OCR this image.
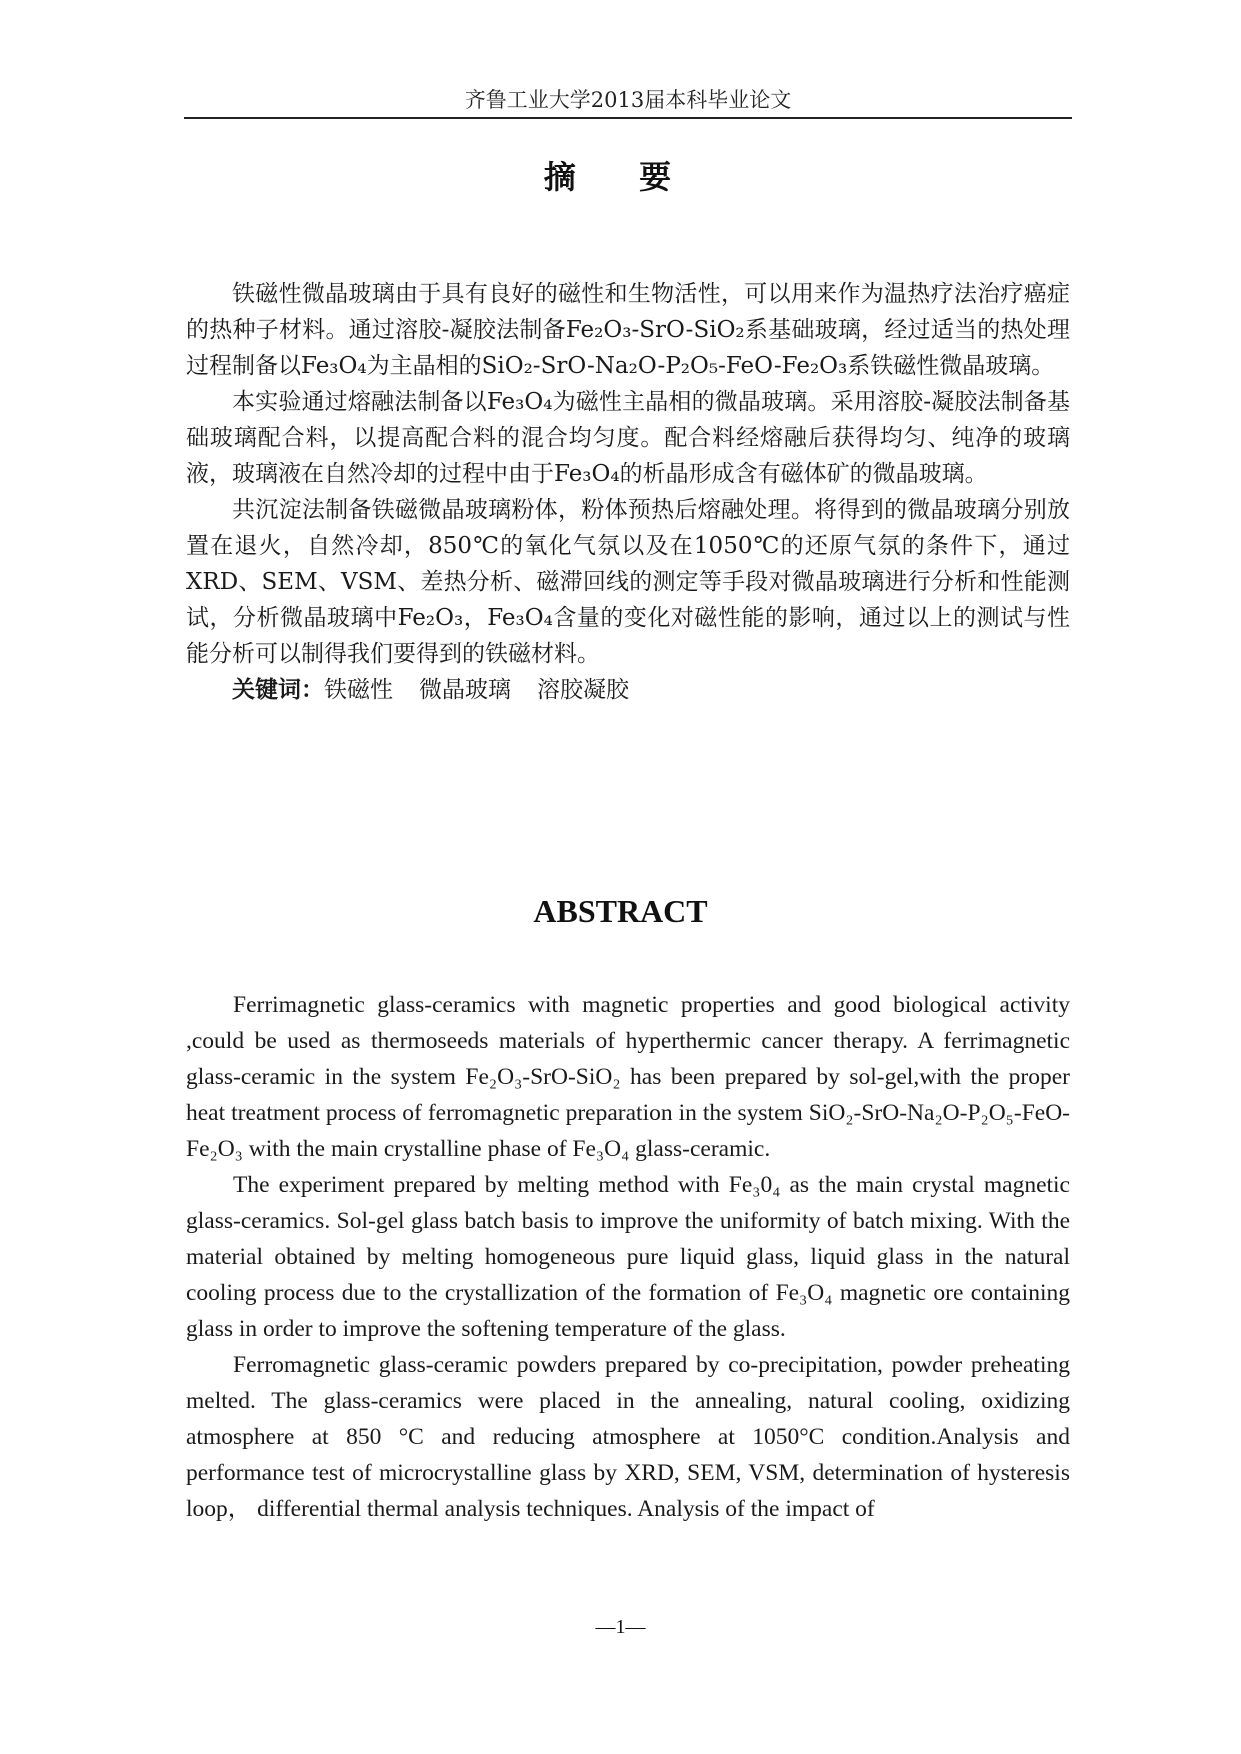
齐鲁工业大学2013届本科毕业论文
摘 要

铁磁性微晶玻璃由于具有良好的磁性和生物活性，可以用来作为温热疗法治疗癌症的热种子材料。通过溶胶-凝胶法制备Fe₂O₃-SrO-SiO₂系基础玻璃，经过适当的热处理过程制备以Fe₃O₄为主晶相的SiO₂-SrO-Na₂O-P₂O₅-FeO-Fe₂O₃系铁磁性微晶玻璃。

本实验通过熔融法制备以Fe₃O₄为磁性主晶相的微晶玻璃。采用溶胶-凝胶法制备基础玻璃配合料，以提高配合料的混合均匀度。配合料经熔融后获得均匀、纯净的玻璃液，玻璃液在自然冷却的过程中由于Fe₃O₄的析晶形成含有磁体矿的微晶玻璃。

共沉淀法制备铁磁微晶玻璃粉体，粉体预热后熔融处理。将得到的微晶玻璃分别放置在退火，自然冷却，850℃的氧化气氛以及在1050℃的还原气氛的条件下，通过XRD、SEM、VSM、差热分析、磁滞回线的测定等手段对微晶玻璃进行分析和性能测试，分析微晶玻璃中Fe₂O₃，Fe₃O₄含量的变化对磁性能的影响，通过以上的测试与性能分析可以制得我们要得到的铁磁材料。

关键词：铁磁性 微晶玻璃 溶胶凝胶

ABSTRACT

Ferrimagnetic glass-ceramics with magnetic properties and good biological activity ,could be used as thermoseeds materials of hyperthermic cancer therapy. A ferrimagnetic glass-ceramic in the system Fe₂O₃-SrO-SiO₂ has been prepared by sol-gel,with the proper heat treatment process of ferromagnetic preparation in the system SiO₂-SrO-Na₂O-P₂O₅-FeO-Fe₂O₃ with the main crystalline phase of Fe₃O₄ glass-ceramic.

The experiment prepared by melting method with Fe₃0₄ as the main crystal magnetic glass-ceramics. Sol-gel glass batch basis to improve the uniformity of batch mixing. With the material obtained by melting homogeneous pure liquid glass, liquid glass in the natural cooling process due to the crystallization of the formation of Fe₃O₄ magnetic ore containing glass in order to improve the softening temperature of the glass.

Ferromagnetic glass-ceramic powders prepared by co-precipitation, powder preheating melted. The glass-ceramics were placed in the annealing, natural cooling, oxidizing atmosphere at 850 °C and reducing atmosphere at 1050°C condition.Analysis and performance test of microcrystalline glass by XRD, SEM, VSM, determination of hysteresis loop， differential thermal analysis techniques. Analysis of the impact of

—1—
